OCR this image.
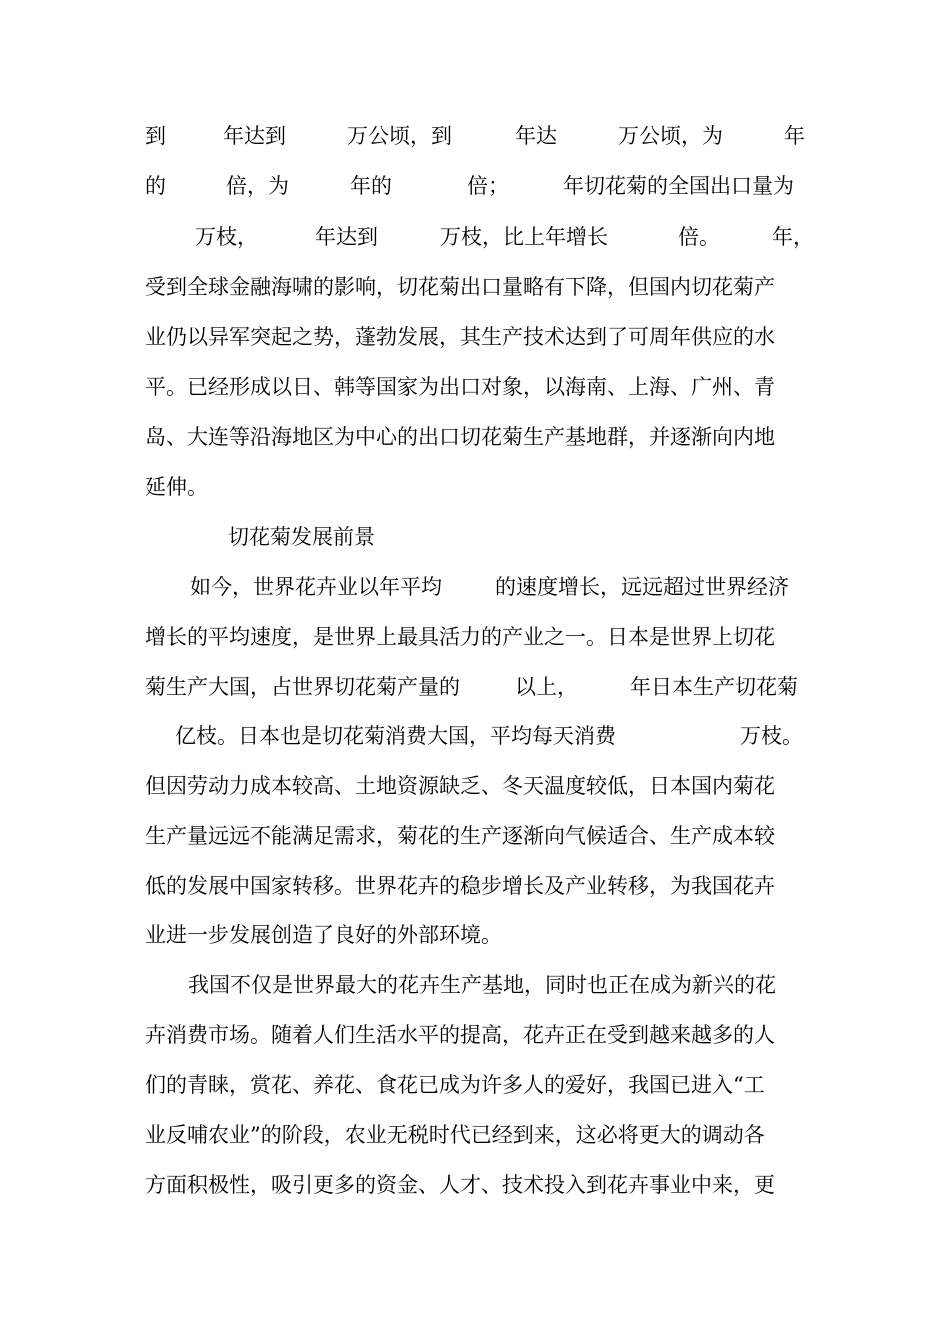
到

	年达到

	万公顷，到

	年达

	万公顷，为

	年

的

	倍，为

	年的

	倍；

	年切花菊的全国出口量为

万枝，

	年达到

	万枝，比上年增长

	倍。

年，

受到全球金融海啸的影响，切花菊出口量略有下降，但国内切花菊产
业仍以异军突起之势，蓬勃发展，其生产技术达到了可周年供应的水
平。已经形成以日、韩等国家为出口对象，以海南、上海、广州、青
岛、大连等沿海地区为中心的出口切花菊生产基地群，并逐渐向内地
延伸。
切花菊发展前景

如今，世界花卉业以年平均

	的速度增长，远远超过世界经济

增长的平均速度，是世界上最具活力的产业之一。日本是世界上切花

菊生产大国，占世界切花菊产量的

	以上，

年日本生产切花菊

亿枝。日本也是切花菊消费大国，平均每天消费

	万枝。

但因劳动力成本较高、土地资源缺乏、冬天温度较低，日本国内菊花
生产量远远不能满足需求，菊花的生产逐渐向气候适合、生产成本较
低的发展中国家转移。世界花卉的稳步增长及产业转移，为我国花卉
业进一步发展创造了良好的外部环境。
我国不仅是世界最大的花卉生产基地，同时也正在成为新兴的花
卉消费市场。随着人们生活水平的提高，花卉正在受到越来越多的人
们的青睐，赏花、养花、食花已成为许多人的爱好，我国已进入“工
业反哺农业”的阶段，农业无税时代已经到来，这必将更大的调动各
方面积极性，吸引更多的资金、人才、技术投入到花卉事业中来，更
